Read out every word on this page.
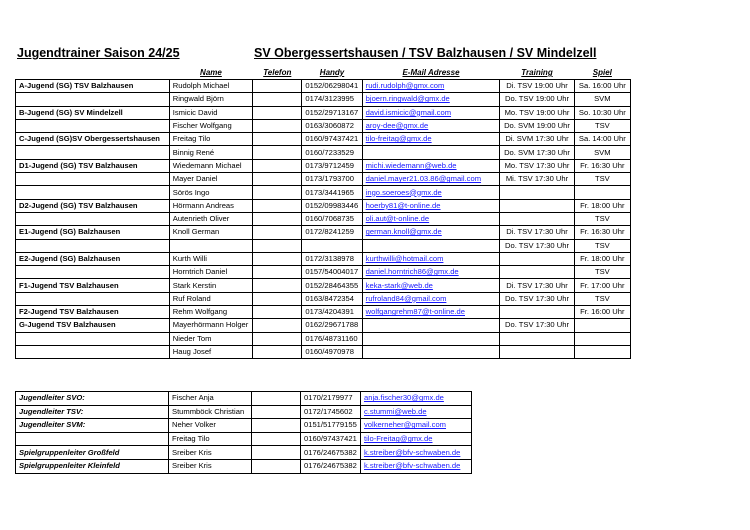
Jugendtrainer Saison 24/25	SV Obergessertshausen / TSV Balzhausen / SV Mindelzell
	Name	Telefon	Handy	E-Mail Adresse	Training	Spiel
A-Jugend (SG) TSV Balzhausen	Rudolph Michael		0152/06298041	rudi.rudolph@gmx.com	Di. TSV 19:00 Uhr	Sa. 16:00 Uhr
	Ringwald Björn		0174/3123995	bjoern.ringwald@gmx.de	Do. TSV 19:00 Uhr	SVM
B-Jugend (SG) SV Mindelzell	Ismicic David		0152/29713167	david.ismicic@gmail.com	Mo. TSV 19:00 Uhr	So. 10:30 Uhr
	Fischer Wolfgang		0163/3060872	aroy-dee@gmx.de	Do. SVM 19:00 Uhr	TSV
C-Jugend (SG)SV Obergessertshausen	Freitag Tilo		0160/97437421	tilo-freitag@gmx.de	Di. SVM 17:30 Uhr	Sa. 14:00 Uhr
	Binnig René		0160/7233529		Do. SVM 17:30 Uhr	SVM
D1-Jugend (SG) TSV Balzhausen	Wiedemann Michael		0173/9712459	michi.wiedemann@web.de	Mo. TSV 17:30 Uhr	Fr. 16:30 Uhr
	Mayer Daniel		0173/1793700	daniel.mayer21.03.86@gmail.com	Mi. TSV 17:30 Uhr	TSV
	Sörös Ingo		0173/3441965	ingo.soeroes@gmx.de		
D2-Jugend (SG) TSV Balzhausen	Hörmann Andreas		0152/09983446	hoerby81@t-online.de		Fr. 18:00 Uhr
	Autenrieth Oliver		0160/7068735	oli.aut@t-online.de		TSV
E1-Jugend (SG) Balzhausen	Knoll German		0172/8241259	german.knoll@gmx.de	Di. TSV 17:30 Uhr	Fr. 16:30 Uhr
					Do. TSV 17:30 Uhr	TSV
E2-Jugend (SG) Balzhausen	Kurth Willi		0172/3138978	kurthwilli@hotmail.com		Fr. 18:00 Uhr
	Horntrich Daniel		0157/54004017	daniel.horntrich86@gmx.de		TSV
F1-Jugend TSV Balzhausen	Stark Kerstin		0152/28464355	keka-stark@web.de	Di. TSV 17:30 Uhr	Fr. 17:00 Uhr
	Ruf Roland		0163/8472354	rufroland84@gmail.com	Do. TSV 17:30 Uhr	TSV
F2-Jugend TSV Balzhausen	Rehm Wolfgang		0173/4204391	wolfgangrehm87@t-online.de		Fr. 16:00 Uhr
G-Jugend TSV Balzhausen	Mayerhörmann Holger		0162/29671788		Do. TSV 17:30 Uhr	
	Nieder Tom		0176/48731160			
	Haug Josef		0160/4970978			
Jugendleiter SVO:	Fischer Anja		0170/2179977	anja.fischer30@gmx.de
Jugendleiter TSV:	Stummböck Christian		0172/1745602	c.stummi@web.de
Jugendleiter SVM:	Neher Volker		0151/51779155	volkerneher@gmail.com
	Freitag Tilo		0160/97437421	tilo-Freitag@gmx.de
Spielgruppenleiter Großfeld	Sreiber Kris		0176/24675382	k.streiber@bfv-schwaben.de
Spielgruppenleiter Kleinfeld	Sreiber Kris		0176/24675382	k.streiber@bfv-schwaben.de
